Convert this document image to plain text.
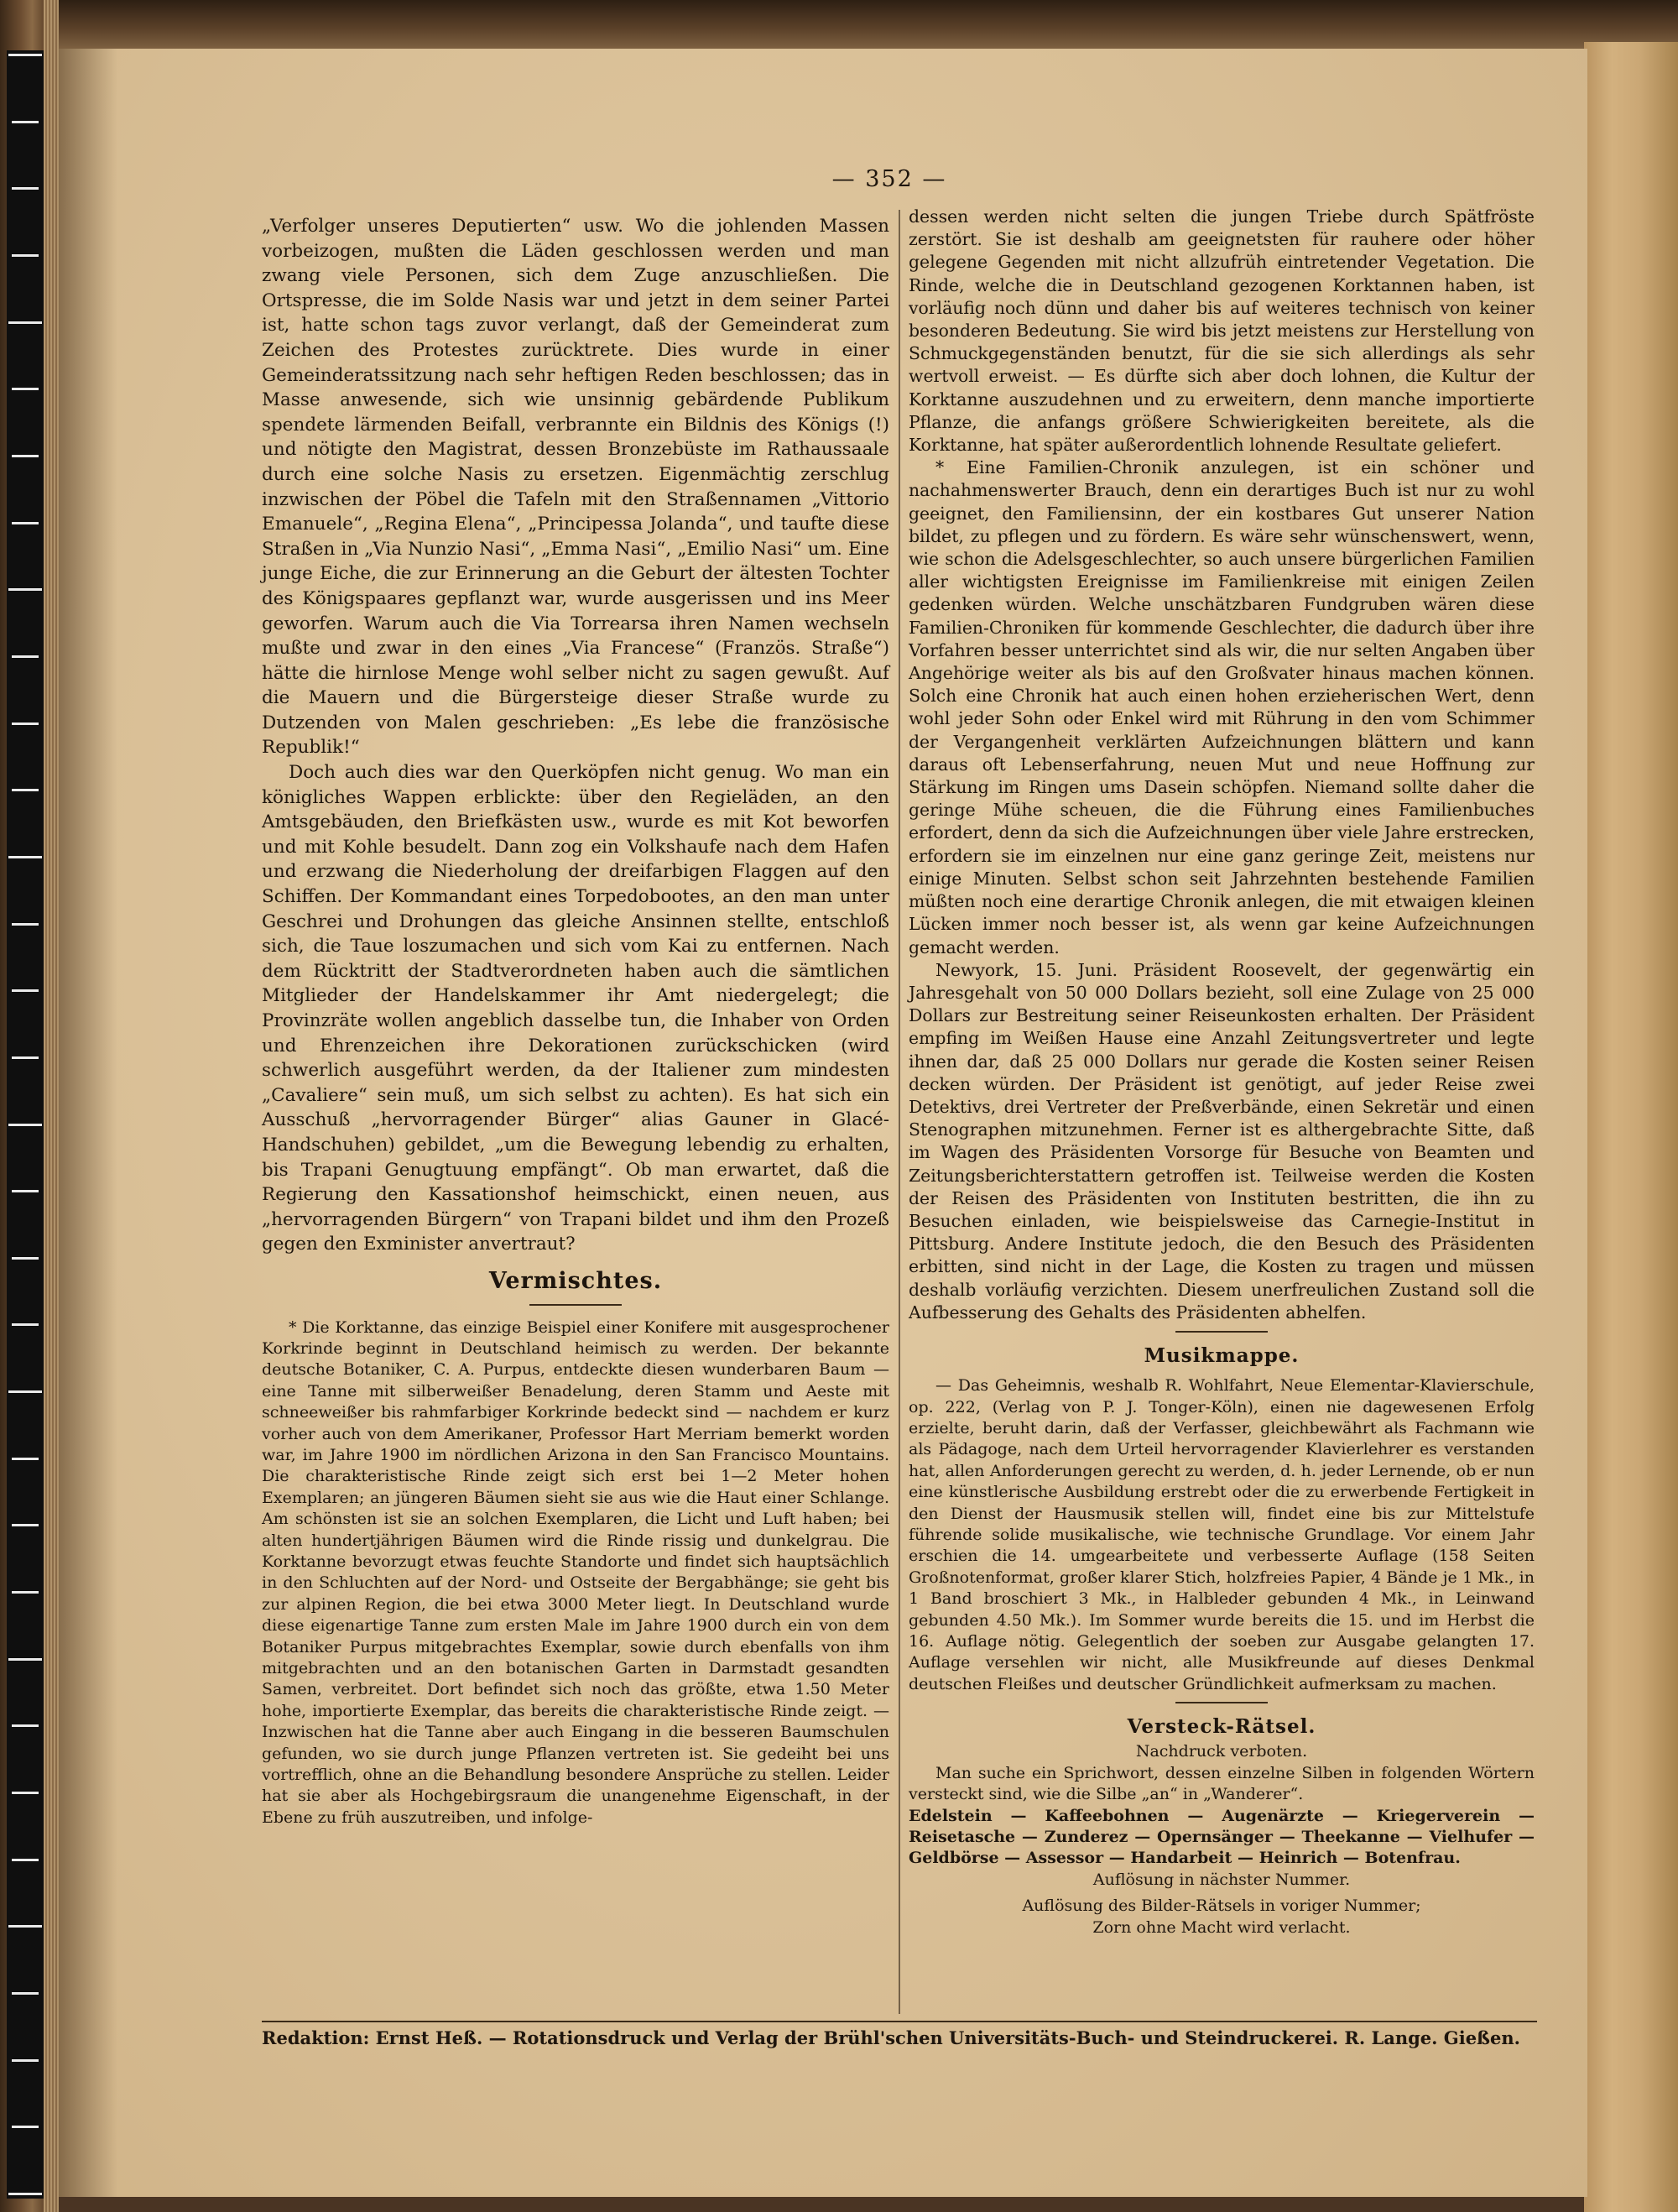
— 352 —

„Verfolger unseres Deputierten“ usw. Wo die johlenden Massen vorbeizogen, mußten die Läden geschlossen werden und man zwang viele Personen, sich dem Zuge anzuschließen. Die Ortspresse, die im Solde Nasis war und jetzt in dem seiner Partei ist, hatte schon tags zuvor verlangt, daß der Gemeinderat zum Zeichen des Protestes zurücktrete. Dies wurde in einer Gemeinderatssitzung nach sehr heftigen Reden beschlossen; das in Masse anwesende, sich wie unsinnig gebärdende Publikum spendete lärmenden Beifall, verbrannte ein Bildnis des Königs (!) und nötigte den Magistrat, dessen Bronzebüste im Rathaussaale durch eine solche Nasis zu ersetzen. Eigenmächtig zerschlug inzwischen der Pöbel die Tafeln mit den Straßennamen „Vittorio Emanuele“, „Regina Elena“, „Principessa Jolanda“, und taufte diese Straßen in „Via Nunzio Nasi“, „Emma Nasi“, „Emilio Nasi“ um. Eine junge Eiche, die zur Erinnerung an die Geburt der ältesten Tochter des Königspaares gepflanzt war, wurde ausgerissen und ins Meer geworfen. Warum auch die Via Torrearsa ihren Namen wechseln mußte und zwar in den eines „Via Francese“ (Französ. Straße“) hätte die hirnlose Menge wohl selber nicht zu sagen gewußt. Auf die Mauern und die Bürgersteige dieser Straße wurde zu Dutzenden von Malen geschrieben: „Es lebe die französische Republik!“

Doch auch dies war den Querköpfen nicht genug. Wo man ein königliches Wappen erblickte: über den Regieläden, an den Amtsgebäuden, den Briefkästen usw., wurde es mit Kot beworfen und mit Kohle besudelt. Dann zog ein Volkshaufe nach dem Hafen und erzwang die Niederholung der dreifarbigen Flaggen auf den Schiffen. Der Kommandant eines Torpedobootes, an den man unter Geschrei und Drohungen das gleiche Ansinnen stellte, entschloß sich, die Taue loszumachen und sich vom Kai zu entfernen. Nach dem Rücktritt der Stadtverordneten haben auch die sämtlichen Mitglieder der Handelskammer ihr Amt niedergelegt; die Provinzräte wollen angeblich dasselbe tun, die Inhaber von Orden und Ehrenzeichen ihre Dekorationen zurückschicken (wird schwerlich ausgeführt werden, da der Italiener zum mindesten „Cavaliere“ sein muß, um sich selbst zu achten). Es hat sich ein Ausschuß „hervorragender Bürger“ alias Gauner in Glacé-Handschuhen) gebildet, „um die Bewegung lebendig zu erhalten, bis Trapani Genugtuung empfängt“. Ob man erwartet, daß die Regierung den Kassationshof heimschickt, einen neuen, aus „hervorragenden Bürgern“ von Trapani bildet und ihm den Prozeß gegen den Exminister anvertraut?

Vermischtes.

* Die Korktanne, das einzige Beispiel einer Konifere mit ausgesprochener Korkrinde beginnt in Deutschland heimisch zu werden. Der bekannte deutsche Botaniker, C. A. Purpus, entdeckte diesen wunderbaren Baum — eine Tanne mit silberweißer Benadelung, deren Stamm und Aeste mit schneeweißer bis rahmfarbiger Korkrinde bedeckt sind — nachdem er kurz vorher auch von dem Amerikaner, Professor Hart Merriam bemerkt worden war, im Jahre 1900 im nördlichen Arizona in den San Francisco Mountains. Die charakteristische Rinde zeigt sich erst bei 1—2 Meter hohen Exemplaren; an jüngeren Bäumen sieht sie aus wie die Haut einer Schlange. Am schönsten ist sie an solchen Exemplaren, die Licht und Luft haben; bei alten hundertjährigen Bäumen wird die Rinde rissig und dunkelgrau. Die Korktanne bevorzugt etwas feuchte Standorte und findet sich hauptsächlich in den Schluchten auf der Nord- und Ostseite der Bergabhänge; sie geht bis zur alpinen Region, die bei etwa 3000 Meter liegt. In Deutschland wurde diese eigenartige Tanne zum ersten Male im Jahre 1900 durch ein von dem Botaniker Purpus mitgebrachtes Exemplar, sowie durch ebenfalls von ihm mitgebrachten und an den botanischen Garten in Darmstadt gesandten Samen, verbreitet. Dort befindet sich noch das größte, etwa 1.50 Meter hohe, importierte Exemplar, das bereits die charakteristische Rinde zeigt. — Inzwischen hat die Tanne aber auch Eingang in die besseren Baumschulen gefunden, wo sie durch junge Pflanzen vertreten ist. Sie gedeiht bei uns vortrefflich, ohne an die Behandlung besondere Ansprüche zu stellen. Leider hat sie aber als Hochgebirgsraum die unangenehme Eigenschaft, in der Ebene zu früh auszutreiben, und infolge-

dessen werden nicht selten die jungen Triebe durch Spätfröste zerstört. Sie ist deshalb am geeignetsten für rauhere oder höher gelegene Gegenden mit nicht allzufrüh eintretender Vegetation. Die Rinde, welche die in Deutschland gezogenen Korktannen haben, ist vorläufig noch dünn und daher bis auf weiteres technisch von keiner besonderen Bedeutung. Sie wird bis jetzt meistens zur Herstellung von Schmuckgegenständen benutzt, für die sie sich allerdings als sehr wertvoll erweist. — Es dürfte sich aber doch lohnen, die Kultur der Korktanne auszudehnen und zu erweitern, denn manche importierte Pflanze, die anfangs größere Schwierigkeiten bereitete, als die Korktanne, hat später außerordentlich lohnende Resultate geliefert.

* Eine Familien-Chronik anzulegen, ist ein schöner und nachahmenswerter Brauch, denn ein derartiges Buch ist nur zu wohl geeignet, den Familiensinn, der ein kostbares Gut unserer Nation bildet, zu pflegen und zu fördern. Es wäre sehr wünschenswert, wenn, wie schon die Adelsgeschlechter, so auch unsere bürgerlichen Familien aller wichtigsten Ereignisse im Familienkreise mit einigen Zeilen gedenken würden. Welche unschätzbaren Fundgruben wären diese Familien-Chroniken für kommende Geschlechter, die dadurch über ihre Vorfahren besser unterrichtet sind als wir, die nur selten Angaben über Angehörige weiter als bis auf den Großvater hinaus machen können. Solch eine Chronik hat auch einen hohen erzieherischen Wert, denn wohl jeder Sohn oder Enkel wird mit Rührung in den vom Schimmer der Vergangenheit verklärten Aufzeichnungen blättern und kann daraus oft Lebenserfahrung, neuen Mut und neue Hoffnung zur Stärkung im Ringen ums Dasein schöpfen. Niemand sollte daher die geringe Mühe scheuen, die die Führung eines Familienbuches erfordert, denn da sich die Aufzeichnungen über viele Jahre erstrecken, erfordern sie im einzelnen nur eine ganz geringe Zeit, meistens nur einige Minuten. Selbst schon seit Jahrzehnten bestehende Familien müßten noch eine derartige Chronik anlegen, die mit etwaigen kleinen Lücken immer noch besser ist, als wenn gar keine Aufzeichnungen gemacht werden.

Newyork, 15. Juni. Präsident Roosevelt, der gegenwärtig ein Jahresgehalt von 50 000 Dollars bezieht, soll eine Zulage von 25 000 Dollars zur Bestreitung seiner Reiseunkosten erhalten. Der Präsident empfing im Weißen Hause eine Anzahl Zeitungsvertreter und legte ihnen dar, daß 25 000 Dollars nur gerade die Kosten seiner Reisen decken würden. Der Präsident ist genötigt, auf jeder Reise zwei Detektivs, drei Vertreter der Preßverbände, einen Sekretär und einen Stenographen mitzunehmen. Ferner ist es althergebrachte Sitte, daß im Wagen des Präsidenten Vorsorge für Besuche von Beamten und Zeitungsberichterstattern getroffen ist. Teilweise werden die Kosten der Reisen des Präsidenten von Instituten bestritten, die ihn zu Besuchen einladen, wie beispielsweise das Carnegie-Institut in Pittsburg. Andere Institute jedoch, die den Besuch des Präsidenten erbitten, sind nicht in der Lage, die Kosten zu tragen und müssen deshalb vorläufig verzichten. Diesem unerfreulichen Zustand soll die Aufbesserung des Gehalts des Präsidenten abhelfen.

Musikmappe.

— Das Geheimnis, weshalb R. Wohlfahrt, Neue Elementar-Klavierschule, op. 222, (Verlag von P. J. Tonger-Köln), einen nie dagewesenen Erfolg erzielte, beruht darin, daß der Verfasser, gleichbewährt als Fachmann wie als Pädagoge, nach dem Urteil hervorragender Klavierlehrer es verstanden hat, allen Anforderungen gerecht zu werden, d. h. jeder Lernende, ob er nun eine künstlerische Ausbildung erstrebt oder die zu erwerbende Fertigkeit in den Dienst der Hausmusik stellen will, findet eine bis zur Mittelstufe führende solide musikalische, wie technische Grundlage. Vor einem Jahr erschien die 14. umgearbeitete und verbesserte Auflage (158 Seiten Großnotenformat, großer klarer Stich, holzfreies Papier, 4 Bände je 1 Mk., in 1 Band broschiert 3 Mk., in Halbleder gebunden 4 Mk., in Leinwand gebunden 4.50 Mk.). Im Sommer wurde bereits die 15. und im Herbst die 16. Auflage nötig. Gelegentlich der soeben zur Ausgabe gelangten 17. Auflage versehlen wir nicht, alle Musikfreunde auf dieses Denkmal deutschen Fleißes und deutscher Gründlichkeit aufmerksam zu machen.

Versteck-Rätsel.
Nachdruck verboten.

Man suche ein Sprichwort, dessen einzelne Silben in folgenden Wörtern versteckt sind, wie die Silbe „an“ in „Wanderer“.

Edelstein — Kaffeebohnen — Augenärzte — Kriegerverein — Reisetasche — Zunderez — Opernsänger — Theekanne — Vielhufer — Geldbörse — Assessor — Handarbeit — Heinrich — Botenfrau.

Auflösung in nächster Nummer.
Auflösung des Bilder-Rätsels in voriger Nummer;
Zorn ohne Macht wird verlacht.
Redaktion: Ernst Heß. — Rotationsdruck und Verlag der Brühl'schen Universitäts-Buch- und Steindruckerei. R. Lange. Gießen.
